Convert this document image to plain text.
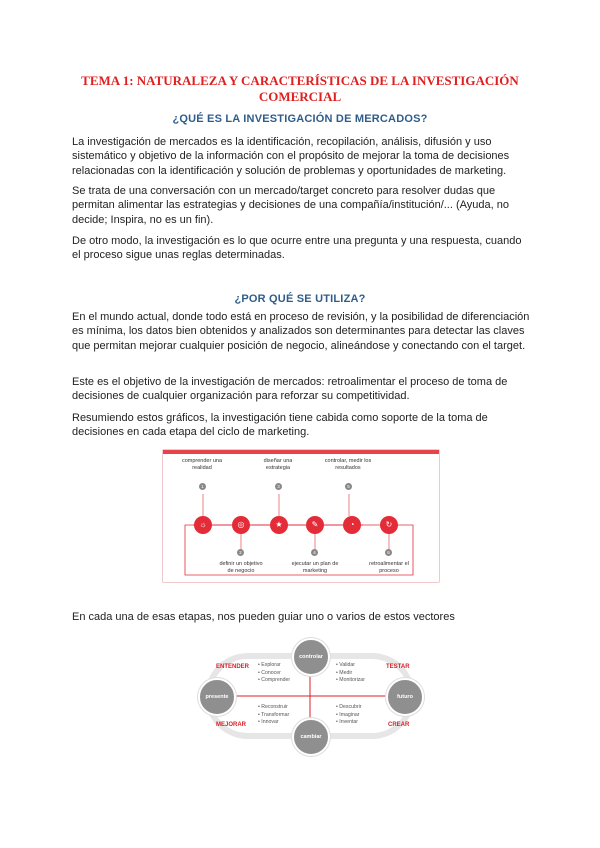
TEMA 1: NATURALEZA Y CARACTERÍSTICAS DE LA INVESTIGACIÓN COMERCIAL
¿QUÉ ES LA INVESTIGACIÓN DE MERCADOS?

La investigación de mercados es la identificación, recopilación, análisis, difusión y uso sistemático y objetivo de la información con el propósito de mejorar la toma de decisiones relacionadas con la identificación y solución de problemas y oportunidades de marketing.

Se trata de una conversación con un mercado/target concreto para resolver dudas que permitan alimentar las estrategias y decisiones de una compañía/institución/... (Ayuda, no decide; Inspira, no es un fin).

De otro modo, la investigación es lo que ocurre entre una pregunta y una respuesta, cuando el proceso sigue unas reglas determinadas.

¿POR QUÉ SE UTILIZA?

En el mundo actual, donde todo está en proceso de revisión, y la posibilidad de diferenciación es mínima, los datos bien obtenidos y analizados son determinantes para detectar las claves que permitan mejorar cualquier posición de negocio, alineándose y conectando con el target.

Este es el objetivo de la investigación de mercados: retroalimentar el proceso de toma de decisiones de cualquier organización para reforzar su competitividad.

Resumiendo estos gráficos, la investigación tiene cabida como soporte de la toma de decisiones en cada etapa del ciclo de marketing.

comprender una realidad
diseñar una estrategia
controlar, medir los resultados
1	3	5
☼	◎	★	✎	◔	↻
2	4	6
definir un objetivo de negocio
ejecutar un plan de marketing
retroalimentar el proceso

En cada una de esas etapas, nos pueden guiar uno o varios de estos vectores

controlar
cambiar
presente	futuro
ENTENDER • Explorar
• Conocer
• Comprender
TESTAR
• Validar
• Medir
• Monitorizar
MEJORAR
• Reconstruir
• Transformar
• Innovar	CREAR
• Descubrir
• Imaginar
• Inventar
